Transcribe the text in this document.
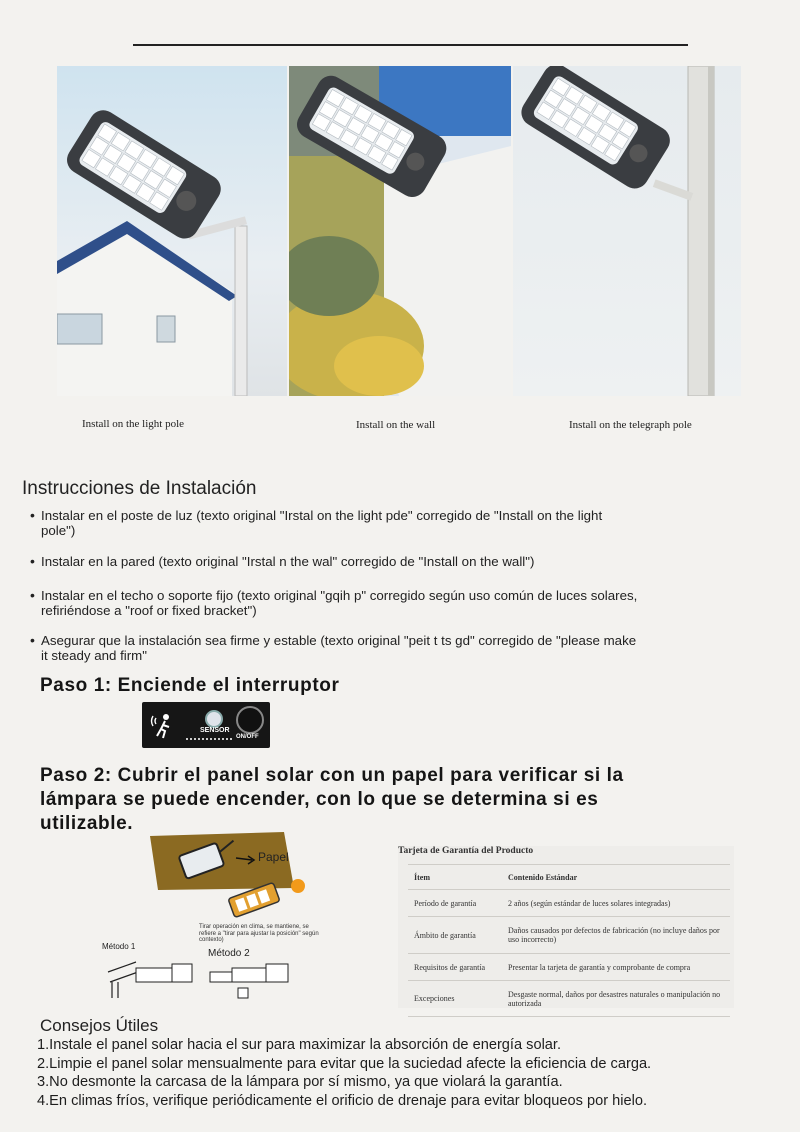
Install on the light pole	Install on the wall	Install on the telegraph pole
Instrucciones de Instalación
• Instalar en el poste de luz (texto original "Irstal on the light pde" corregido de "Install on the light
pole")
• Instalar en la pared (texto original "Irstal n the wal" corregido de "Install on the wall")
• Instalar en el techo o soporte fijo (texto original "gqih p" corregido según uso común de luces solares,
refiriéndose a "roof or fixed bracket")
• Asegurar que la instalación sea firme y estable (texto original "peit t ts gd" corregido de "please make
it steady and firm"
Paso 1: Enciende el interruptor
SENSOR
ON/OFF
Paso 2: Cubrir el panel solar con un papel para verificar si la
lámpara se puede encender, con lo que se determina si es
utilizable.
Papel
Tirar operación en clima, se mantiene, se
refiere a "tirar para ajustar la posición" según
contexto)
Método 1
Método 2
Tarjeta de Garantía del Producto
Ítem	Contenido Estándar
Período de garantía	2 años (según estándar de luces solares integradas)
Ámbito de garantía	Daños causados por defectos de fabricación (no incluye daños por uso incorrecto)
Requisitos de garantía	Presentar la tarjeta de garantía y comprobante de compra
Excepciones	Desgaste normal, daños por desastres naturales o manipulación no autorizada
Consejos Útiles
1.Instale el panel solar hacia el sur para maximizar la absorción de energía solar.
2.Limpie el panel solar mensualmente para evitar que la suciedad afecte la eficiencia de carga.
3.No desmonte la carcasa de la lámpara por sí mismo, ya que violará la garantía.
4.En climas fríos, verifique periódicamente el orificio de drenaje para evitar bloqueos por hielo.
